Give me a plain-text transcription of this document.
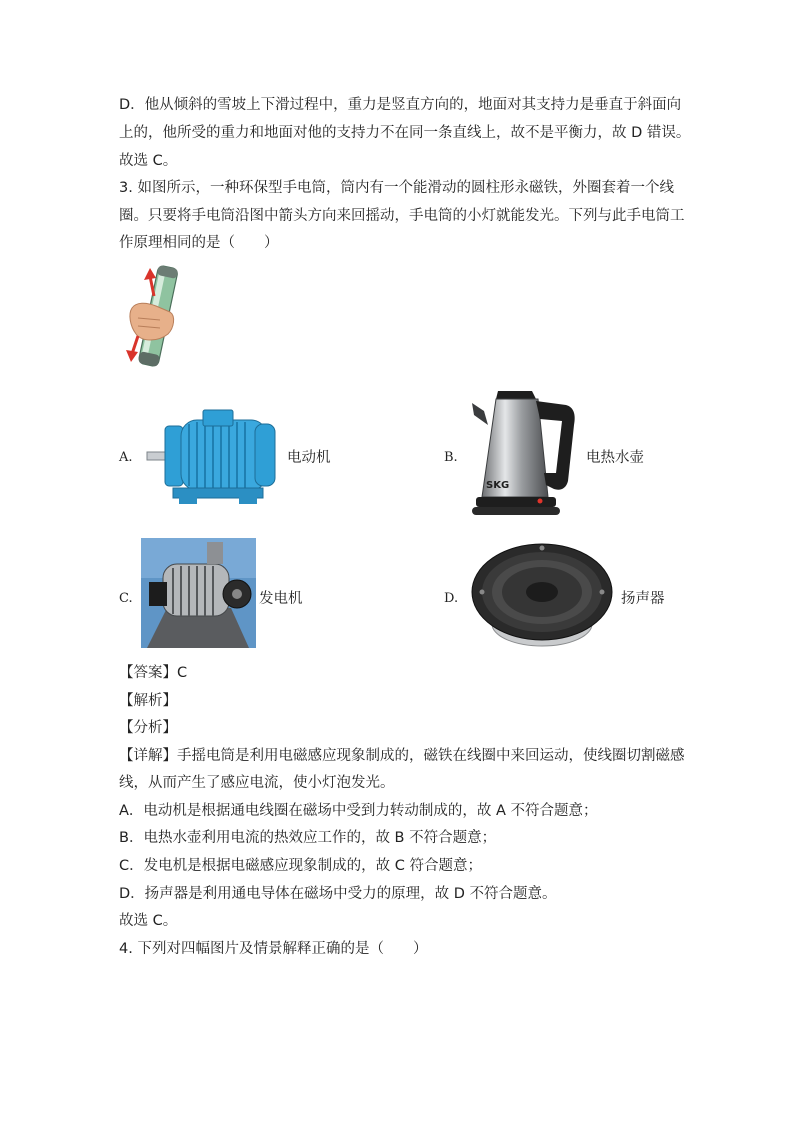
D．他从倾斜的雪坡上下滑过程中，重力是竖直方向的，地面对其支持力是垂直于斜面向
上的，他所受的重力和地面对他的支持力不在同一条直线上，故不是平衡力，故 D 错误。
故选 C。
3. 如图所示，一种环保型手电筒，筒内有一个能滑动的圆柱形永磁铁，外圈套着一个线
圈。只要将手电筒沿图中箭头方向来回摇动，手电筒的小灯就能发光。下列与此手电筒工
作原理相同的是（　　）
A.	电动机	B.
SKG
电热水壶
C.	发电机	D.	扬声器
【答案】C
【解析】
【分析】
【详解】手摇电筒是利用电磁感应现象制成的，磁铁在线圈中来回运动，使线圈切割磁感
线，从而产生了感应电流，使小灯泡发光。
A．电动机是根据通电线圈在磁场中受到力转动制成的，故 A 不符合题意；
B．电热水壶利用电流的热效应工作的，故 B 不符合题意；
C．发电机是根据电磁感应现象制成的，故 C 符合题意；
D．扬声器是利用通电导体在磁场中受力的原理，故 D 不符合题意。
故选 C。
4. 下列对四幅图片及情景解释正确的是（　　）
